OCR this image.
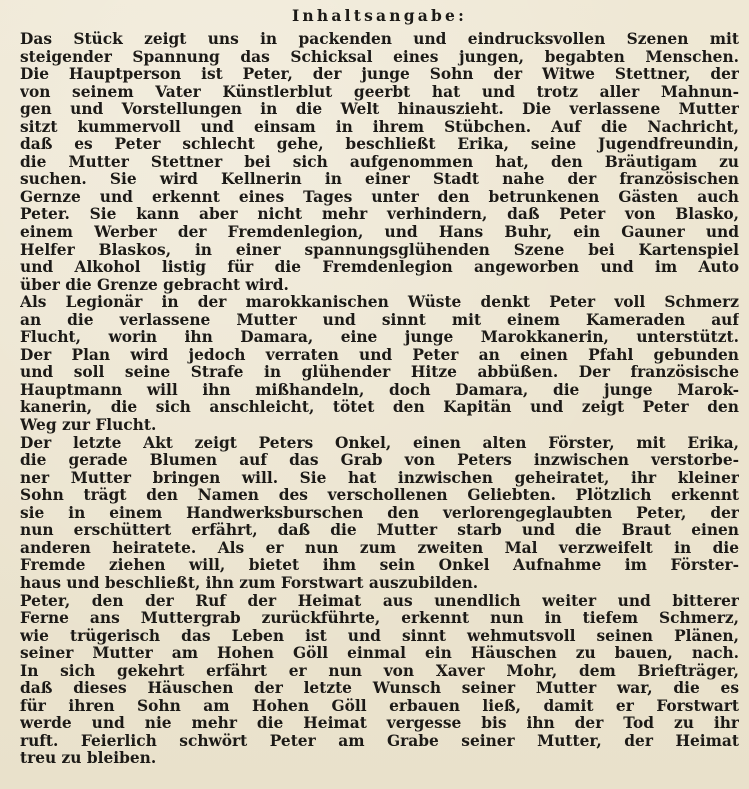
Inhaltsangabe:
Das Stück zeigt uns in packenden und eindrucksvollen Szenen mit
steigender Spannung das Schicksal eines jungen, begabten Menschen.
Die Hauptperson ist Peter, der junge Sohn der Witwe Stettner, der
von seinem Vater Künstlerblut geerbt hat und trotz aller Mahnun-
gen und Vorstellungen in die Welt hinauszieht. Die verlassene Mutter
sitzt kummervoll und einsam in ihrem Stübchen. Auf die Nachricht,
daß es Peter schlecht gehe, beschließt Erika, seine Jugendfreundin,
die Mutter Stettner bei sich aufgenommen hat, den Bräutigam zu
suchen. Sie wird Kellnerin in einer Stadt nahe der französischen
Gernze und erkennt eines Tages unter den betrunkenen Gästen auch
Peter. Sie kann aber nicht mehr verhindern, daß Peter von Blasko,
einem Werber der Fremdenlegion, und Hans Buhr, ein Gauner und
Helfer Blaskos, in einer spannungsglühenden Szene bei Kartenspiel
und Alkohol listig für die Fremdenlegion angeworben und im Auto
über die Grenze gebracht wird.
Als Legionär in der marokkanischen Wüste denkt Peter voll Schmerz
an die verlassene Mutter und sinnt mit einem Kameraden auf
Flucht, worin ihn Damara, eine junge Marokkanerin, unterstützt.
Der Plan wird jedoch verraten und Peter an einen Pfahl gebunden
und soll seine Strafe in glühender Hitze abbüßen. Der französische
Hauptmann will ihn mißhandeln, doch Damara, die junge Marok-
kanerin, die sich anschleicht, tötet den Kapitän und zeigt Peter den
Weg zur Flucht.
Der letzte Akt zeigt Peters Onkel, einen alten Förster, mit Erika,
die gerade Blumen auf das Grab von Peters inzwischen verstorbe-
ner Mutter bringen will. Sie hat inzwischen geheiratet, ihr kleiner
Sohn trägt den Namen des verschollenen Geliebten. Plötzlich erkennt
sie in einem Handwerksburschen den verlorengeglaubten Peter, der
nun erschüttert erfährt, daß die Mutter starb und die Braut einen
anderen heiratete. Als er nun zum zweiten Mal verzweifelt in die
Fremde ziehen will, bietet ihm sein Onkel Aufnahme im Förster-
haus und beschließt, ihn zum Forstwart auszubilden.
Peter, den der Ruf der Heimat aus unendlich weiter und bitterer
Ferne ans Muttergrab zurückführte, erkennt nun in tiefem Schmerz,
wie trügerisch das Leben ist und sinnt wehmutsvoll seinen Plänen,
seiner Mutter am Hohen Göll einmal ein Häuschen zu bauen, nach.
In sich gekehrt erfährt er nun von Xaver Mohr, dem Briefträger,
daß dieses Häuschen der letzte Wunsch seiner Mutter war, die es
für ihren Sohn am Hohen Göll erbauen ließ, damit er Forstwart
werde und nie mehr die Heimat vergesse bis ihn der Tod zu ihr
ruft. Feierlich schwört Peter am Grabe seiner Mutter, der Heimat
treu zu bleiben.
